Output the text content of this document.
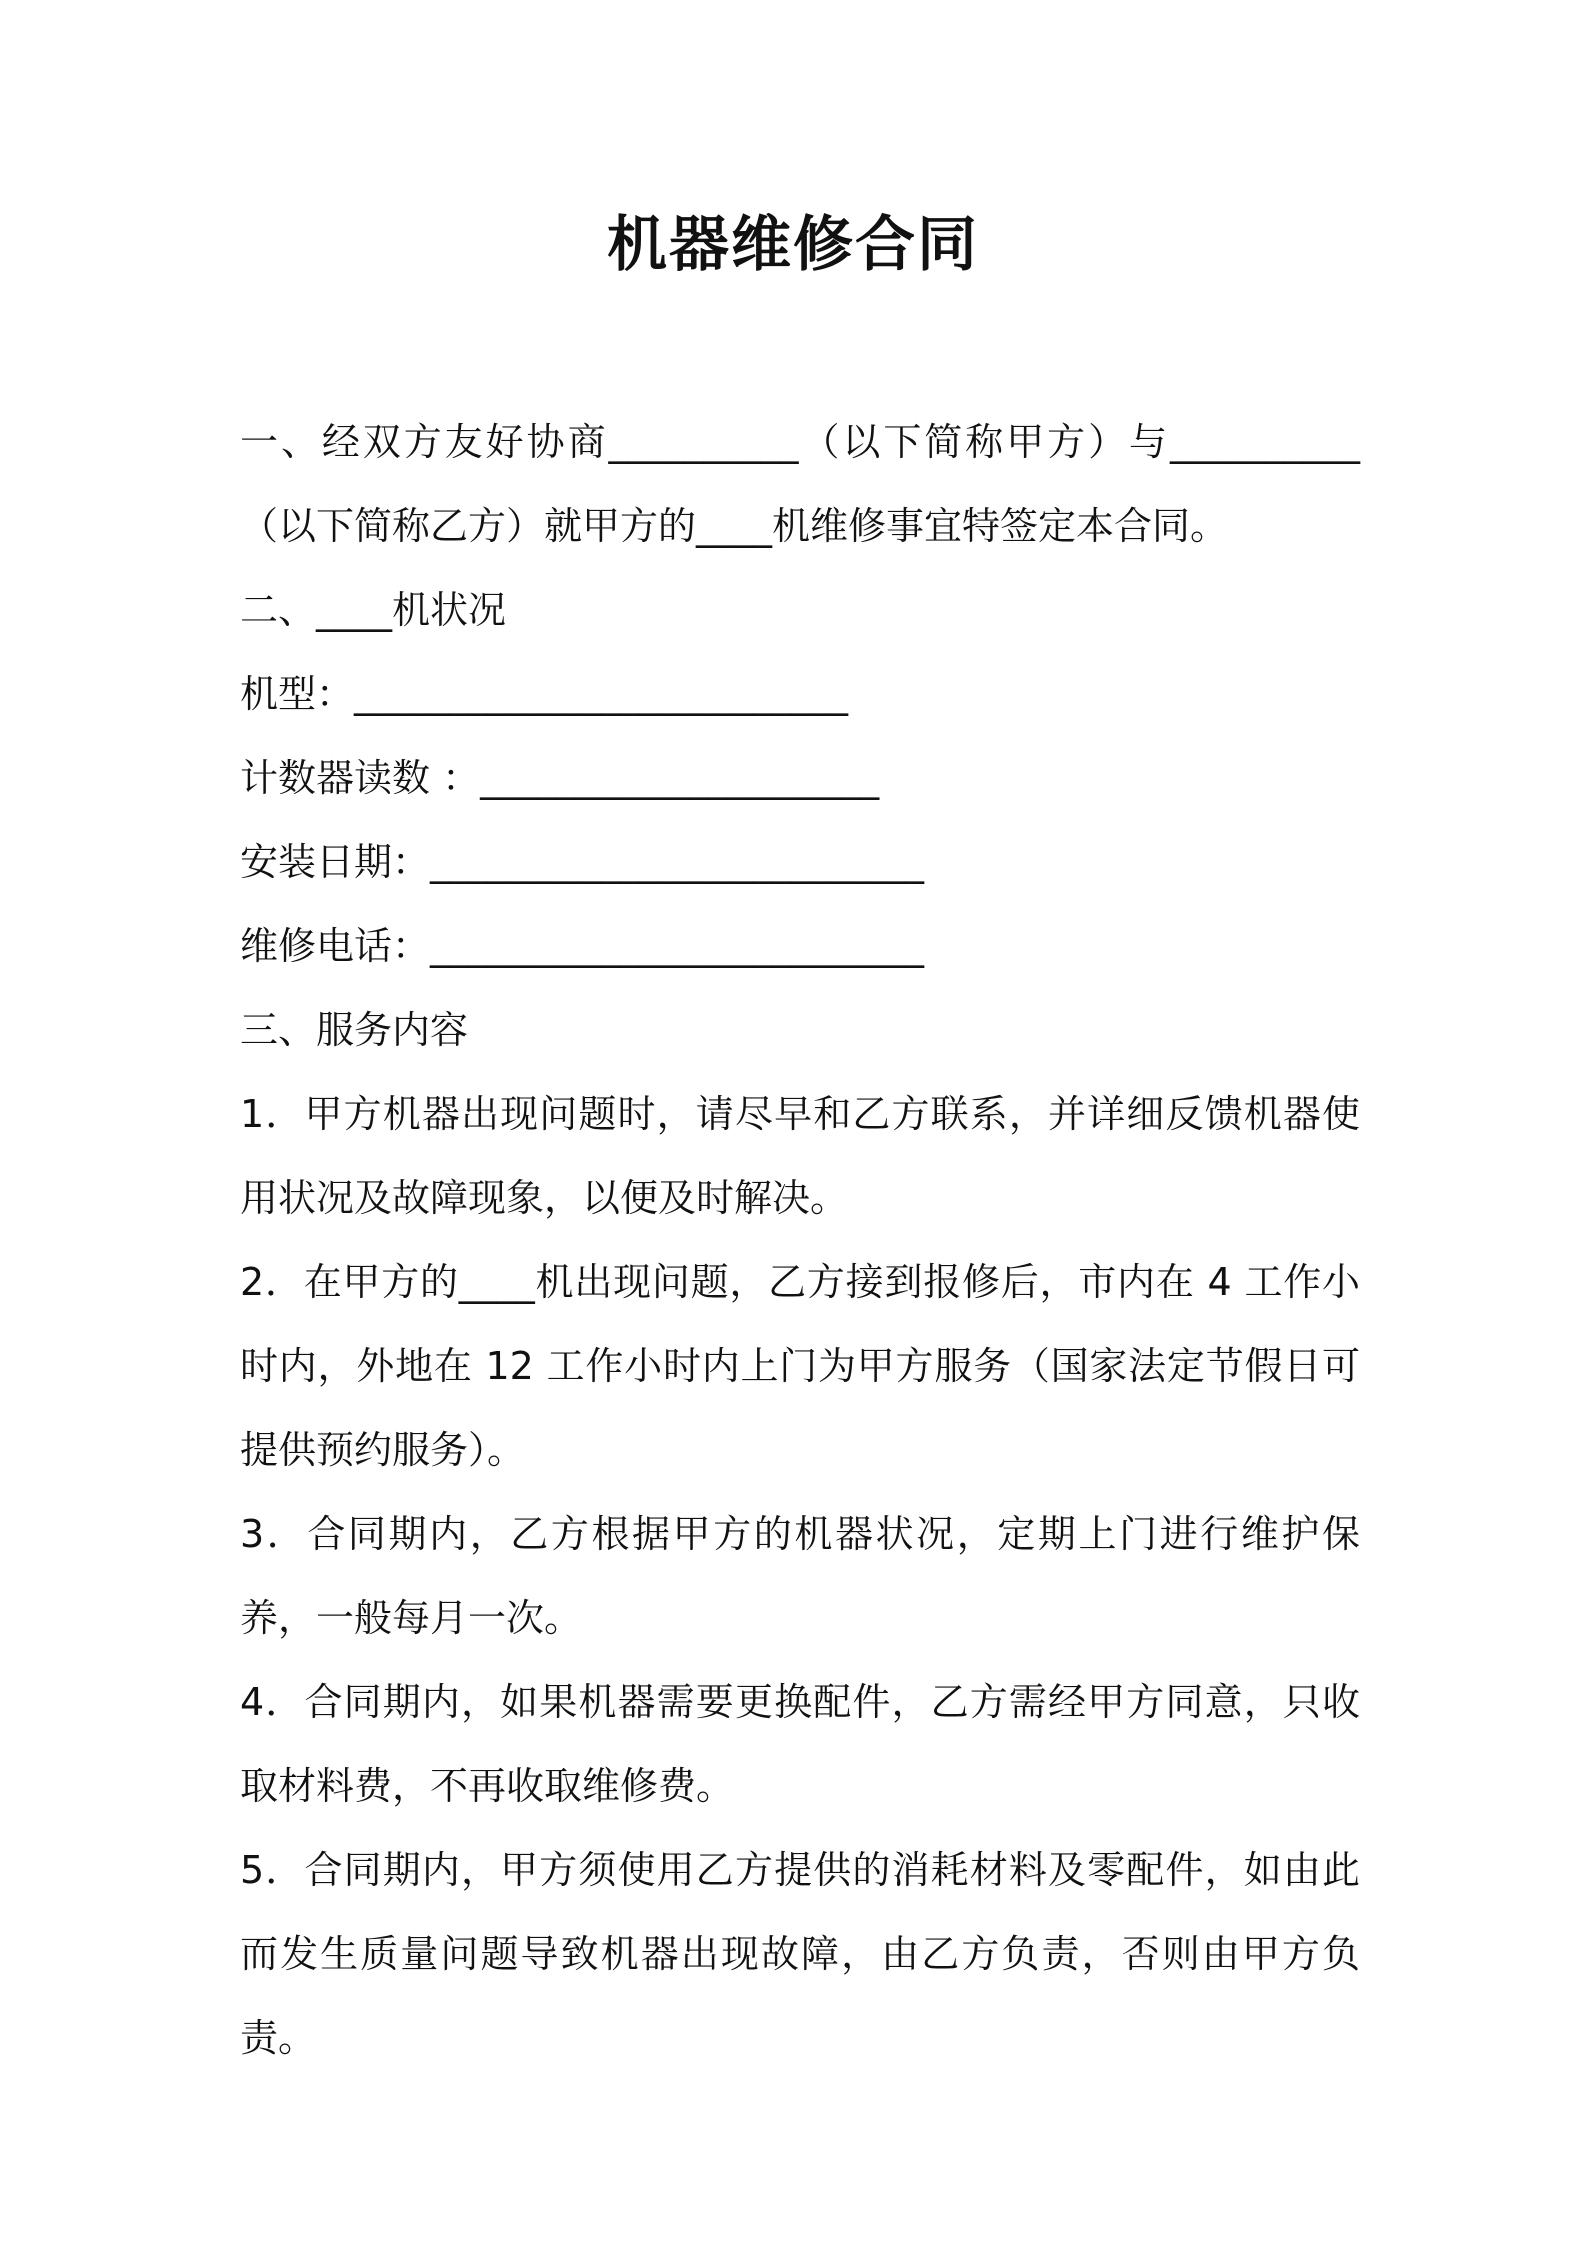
机器维修合同
一、经双方友好协商__________（以下简称甲方）与__________（以下简称乙方）就甲方的____机维修事宜特签定本合同。
二、____机状况
机型：__________________________
计数器读数 ：_____________________
安装日期：__________________________
维修电话：__________________________
三、服务内容
1．甲方机器出现问题时，请尽早和乙方联系，并详细反馈机器使用状况及故障现象，以便及时解决。
2．在甲方的____机出现问题，乙方接到报修后，市内在 4 工作小时内，外地在 12 工作小时内上门为甲方服务（国家法定节假日可提供预约服务）。
3．合同期内，乙方根据甲方的机器状况，定期上门进行维护保养，一般每月一次。
4．合同期内，如果机器需要更换配件，乙方需经甲方同意，只收取材料费，不再收取维修费。
5．合同期内，甲方须使用乙方提供的消耗材料及零配件，如由此而发生质量问题导致机器出现故障，由乙方负责，否则由甲方负责。
